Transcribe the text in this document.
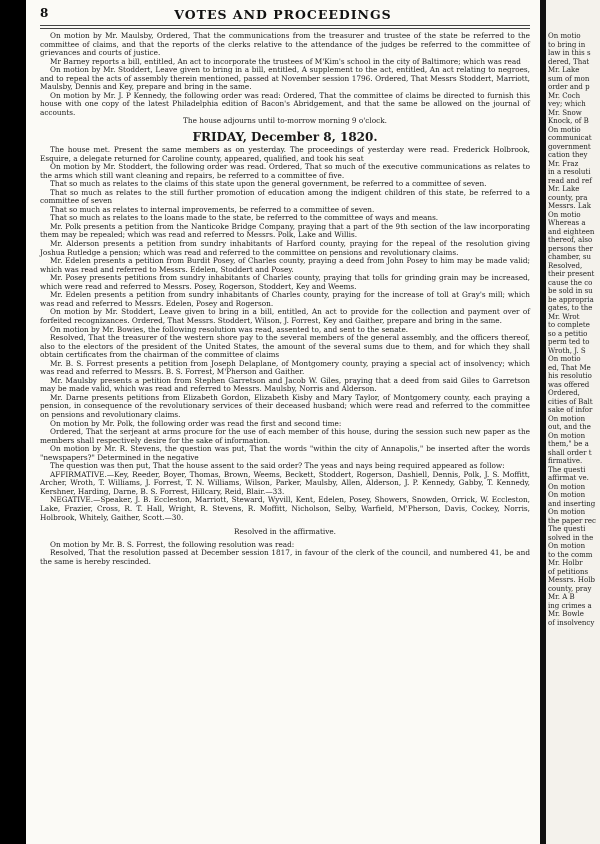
8	VOTES AND PROCEEDINGS

On motion by Mr. Maulsby, Ordered, That the communications from the treasurer and trustee of the state be referred to the committee of claims, and that the reports of the clerks relative to the attendance of the judges be referred to the committee of grievances and courts of justice.

Mr Barney reports a bill, entitled, An act to incorporate the trustees of M'Kim's school in the city of Baltimore; which was read

On motion by Mr. Stoddert, Leave given to bring in a bill, entitled, A supplement to the act, entitled, An act relating to negroes, and to repeal the acts of assembly therein mentioned, passed at November session 1796. Ordered, That Messrs Stoddert, Marriott, Maulsby, Dennis and Key, prepare and bring in the same.

On motion by Mr. J. P Kennedy, the following order was read: Ordered, That the committee of claims be directed to furnish this house with one copy of the latest Philadelphia edition of Bacon's Abridgement, and that the same be allowed on the journal of accounts.

The house adjourns until to-morrow morning 9 o'clock.

FRIDAY, December 8, 1820.

The house met. Present the same members as on yesterday. The proceedings of yesterday were read. Frederick Holbrook, Esquire, a delegate returned for Caroline county, appeared, qualified, and took his seat

On motion by Mr. Stoddert, the following order was read. Ordered, That so much of the executive communications as relates to the arms which still want cleaning and repairs, be referred to a committee of five.

That so much as relates to the claims of this state upon the general government, be referred to a committee of seven.

That so much as relates to the still further promotion of education among the indigent children of this state, be referred to a committee of seven

That so much as relates to internal improvements, be referred to a committee of seven.

That so much as relates to the loans made to the state, be referred to the committee of ways and means.

Mr. Polk presents a petition from the Nanticoke Bridge Company, praying that a part of the 9th section of the law incorporating them may be repealed; which was read and referred to Messrs. Polk, Lake and Willis.

Mr. Alderson presents a petition from sundry inhabitants of Harford county, praying for the repeal of the resolution giving Joshua Rutledge a pension; which was read and referred to the committee on pensions and revolutionary claims.

Mr. Edelen presents a petition from Burdit Posey, of Charles county, praying a deed from John Posey to him may be made valid; which was read and referred to Messrs. Edelen, Stoddert and Posey.

Mr. Posey presents petitions from sundry inhabitants of Charles county, praying that tolls for grinding grain may be increased, which were read and referred to Messrs. Posey, Rogerson, Stoddert, Key and Weems.

Mr. Edelen presents a petition from sundry inhabitants of Charles county, praying for the increase of toll at Gray's mill; which was read and referred to Messrs. Edelen, Posey and Rogerson.

On motion by Mr. Stoddert, Leave given to bring in a bill, entitled, An act to provide for the collection and payment over of forfeited recognizances. Ordered, That Messrs. Stoddert, Wilson, J. Forrest, Key and Gaither, prepare and bring in the same.

On motion by Mr. Bowies, the following resolution was read, assented to, and sent to the senate.

Resolved, That the treasurer of the western shore pay to the several members of the general assembly, and the officers thereof, also to the electors of the president of the United States, the amount of the several sums due to them, and for which they shall obtain certificates from the chairman of the committee of claims

Mr. B. S. Forrest presents a petition from Joseph Delaplane, of Montgomery county, praying a special act of insolvency; which was read and referred to Messrs. B. S. Forrest, M'Pherson and Gaither.

Mr. Maulsby presents a petition from Stephen Garretson and Jacob W. Giles, praying that a deed from said Giles to Garretson may be made valid, which was read and referred to Messrs. Maulsby, Norris and Alderson.

Mr. Darne presents petitions from Elizabeth Gordon, Elizabeth Kisby and Mary Taylor, of Montgomery county, each praying a pension, in consequence of the revolutionary services of their deceased husband; which were read and referred to the committee on pensions and revolutionary claims.

On motion by Mr. Polk, the following order was read the first and second time:

Ordered, That the serjeant at arms procure for the use of each member of this house, during the session such new paper as the members shall respectively desire for the sake of information.

On motion by Mr. R. Stevens, the question was put, That the words "within the city of Annapolis," be inserted after the words "newspapers?" Determined in the negative

The question was then put, That the house assent to the said order? The yeas and nays being required appeared as follow:

AFFIRMATIVE.—Key, Reeder, Boyer, Thomas, Brown, Weems, Beckett, Stoddert, Rogerson, Dashiell, Dennis, Polk, J. S. Moffitt, Archer, Wroth, T. Williams, J. Forrest, T. N. Williams, Wilson, Parker, Maulsby, Allen, Alderson, J. P. Kennedy, Gabby, T. Kennedy, Kershner, Harding, Darne, B. S. Forrest, Hillcary, Reid, Blair.—33.

NEGATIVE.—Speaker, J. B. Eccleston, Marriott, Steward, Wyvill, Kent, Edelen, Posey, Showers, Snowden, Orrick, W. Eccleston, Lake, Frazier, Cross, R. T. Hall, Wright, R. Stevens, R. Moffitt, Nicholson, Selby, Warfield, M'Pherson, Davis, Cockey, Norris, Holbrook, Whitely, Gaither, Scott.—30.

Resolved in the affirmative.

On motion by Mr. B. S. Forrest, the following resolution was read:

Resolved, That the resolution passed at December session 1817, in favour of the clerk of the council, and numbered 41, be and the same is hereby rescinded.

On motio
to bring in
law in this s
dered, That
Mr. Lake
sum of mon
order and p
Mr. Coch
vey; which
Mr. Snow
Knock, of B
On motio
communicat
government
cation they
Mr. Fraz
in a resoluti
read and ref
Mr. Lake
county, pra
Messrs. Lak
On motio
Whereas a
and eighteen
thereof, also
persons ther
chamber, su
Resolved,
their present
cause the co
be sold in su
be appropria
gates, to the
Mr. Wrot
to complete
so a petitio
perm ted to
Wroth, J. S
On motio
ed, That Me
his resolutio
was offered
Ordered,
cities of Balt
sake of infor
On motion
out, and the
On motion
them," be a
shall order t
firmative.
The questi
affirmat ve.
On motion
On motion
and inserting
On motion
the paper rec
The questi
solved in the
On motion
to the comm
Mr. Holbr
of petitions
Messrs. Holb
county, pray
Mr. A B
ing crimes a
Mr. Bowle
of insolvency
